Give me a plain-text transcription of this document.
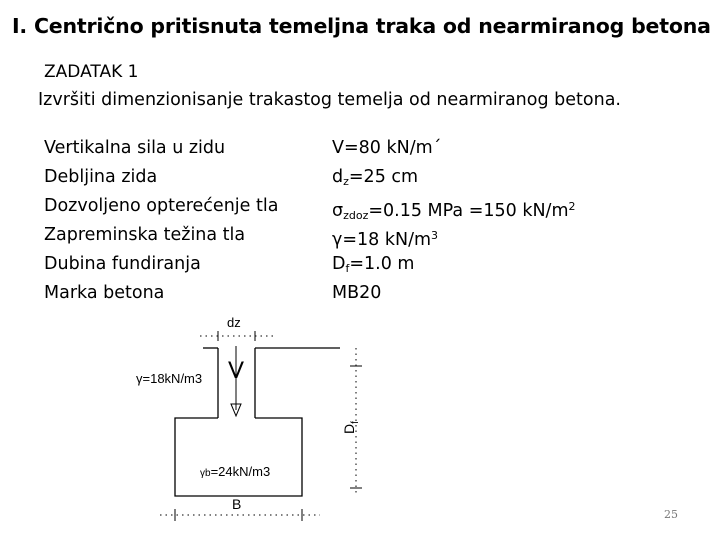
I. Centrično pritisnuta temeljna traka od nearmiranog betona
ZADATAK 1
Izvršiti dimenzionisanje trakastog temelja od nearmiranog betona.
Vertikalna sila u zidu
Debljina zida
Dozvoljeno opterećenje tla
Zapreminska težina tla
Dubina fundiranja
Marka betona
V=80 kN/m´
$d_z=25$ cm
$\sigma_{zdoz}=0.15$ MPa =150 $kN/m^2$
γ=18 $kN/m^3$
$D_f=1.0$ m
MB20
dz
V
γ=18kN/m3
γb=24kN/m3
B
$D_f$
25
